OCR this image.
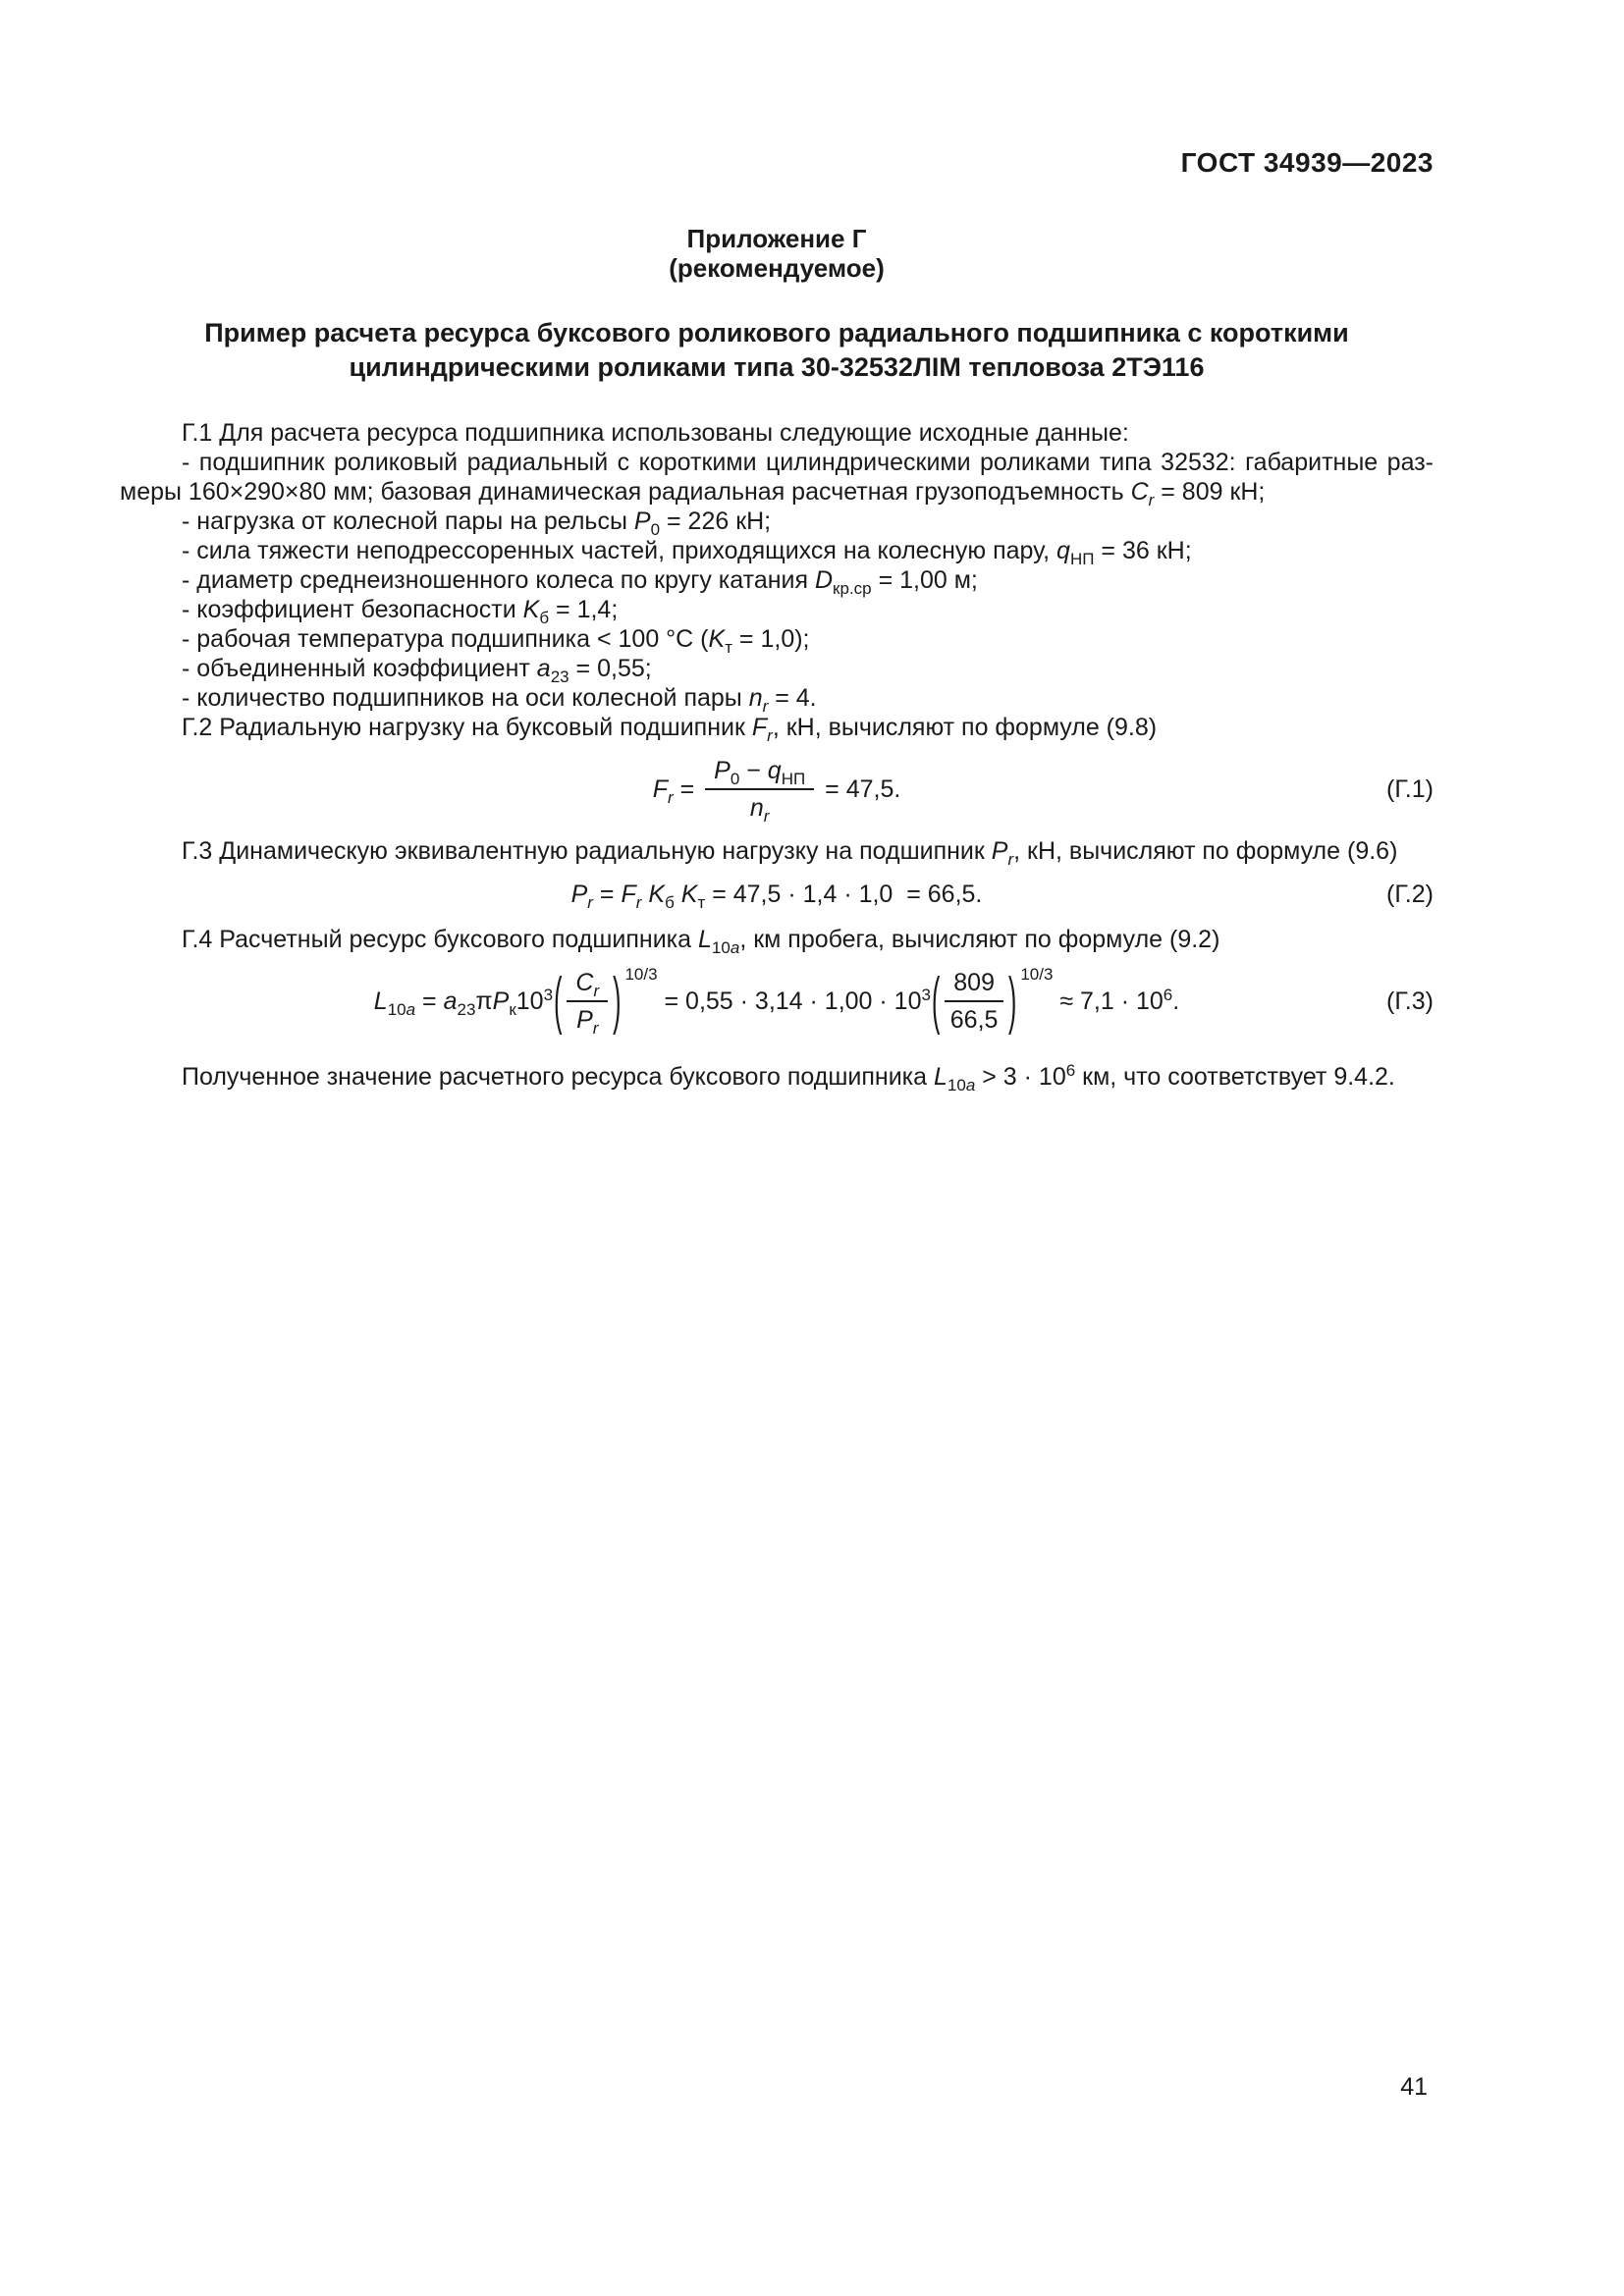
ГОСТ 34939—2023
Приложение Г
(рекомендуемое)
Пример расчета ресурса буксового роликового радиального подшипника с короткими
цилиндрическими роликами типа 30-32532ЛIМ тепловоза 2ТЭ116

Г.1 Для расчета ресурса подшипника использованы следующие исходные данные:

- подшипник роликовый радиальный с короткими цилиндрическими роликами типа 32532: габаритные раз-

меры 160×290×80 мм; базовая динамическая радиальная расчетная грузоподъемность $C_r = 809$ кН;

- нагрузка от колесной пары на рельсы $P_0 = 226$ кН;

- сила тяжести неподрессоренных частей, приходящихся на колесную пару, $q_{НП} = 36$ кН;

- диаметр среднеизношенного колеса по кругу катания $D_{кр.ср} = 1,00$ м;

- коэффициент безопасности $K_б = 1,4$;

- рабочая температура подшипника < 100 °С $(K_т = 1,0)$;

- объединенный коэффициент $a_{23} = 0,55$;

- количество подшипников на оси колесной пары $n_r = 4$.

Г.2 Радиальную нагрузку на буксовый подшипник $F_r$, кН, вычисляют по формуле (9.8)

$F_r = \frac{P_0 - q_{НП}}{n_r} = 47,5$.	(Г.1)

Г.3 Динамическую эквивалентную радиальную нагрузку на подшипник $P_r$, кН, вычисляют по формуле (9.6)

$P_r = F_r$ $K_б$ $K_т = 47,5 \cdot 1,4 \cdot 1,0 = 66,5$.	(Г.2)

Г.4 Расчетный ресурс буксового подшипника $L_{10a}$, км пробега, вычисляют по формуле (9.2)

$L_{10a} = a_{23}\pi P_к10^3$ ( $\frac{C_r}{P_r}$ ) 10/3
= $0,55 \cdot 3,14 \cdot 1,00 \cdot 10^3$ ( $\frac{809}{66,5}$ ) 10/3
≈ $7,1 \cdot 10^6$.	(Г.3)

Полученное значение расчетного ресурса буксового подшипника $L_{10a} > 3 \cdot 10^6$ км, что соответствует 9.4.2.

41
